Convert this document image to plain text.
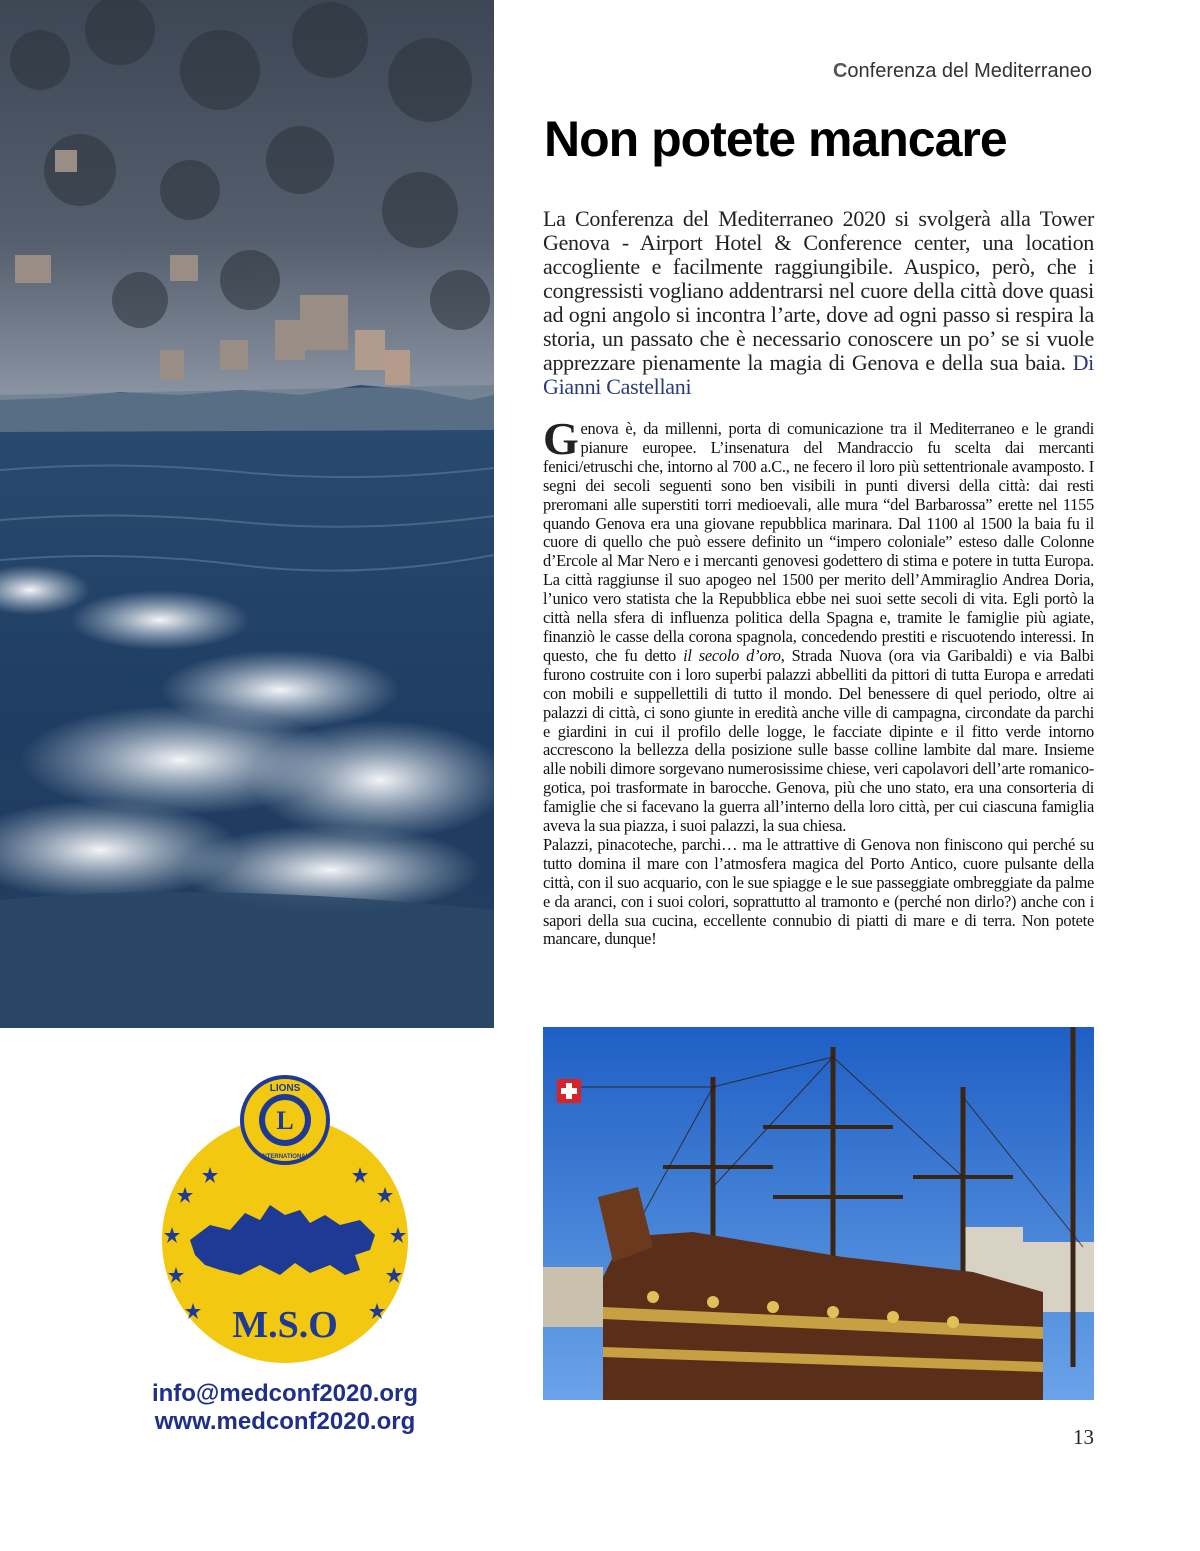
Conferenza del Mediterraneo
Non potete mancare
La Conferenza del Mediterraneo 2020 si svolgerà alla Tower Genova - Airport Hotel & Conference center, una location accogliente e facilmente raggiungibile. Auspico, però, che i congressisti vogliano addentrarsi nel cuore della città dove quasi ad ogni angolo si incontra l’arte, dove ad ogni passo si respira la storia, un passato che è necessario conoscere un po’ se si vuole apprezzare pienamente la magia di Genova e della sua baia. Di Gianni Castellani

Genova è, da millenni, porta di comunicazione tra il Mediterraneo e le grandi pianure europee. L’insenatura del Mandraccio fu scelta dai mercanti fenici/etruschi che, intorno al 700 a.C., ne fecero il loro più settentrionale avamposto. I segni dei secoli seguenti sono ben visibili in punti diversi della città: dai resti preromani alle superstiti torri medioevali, alle mura “del Barbarossa” erette nel 1155 quando Genova era una giovane repubblica marinara. Dal 1100 al 1500 la baia fu il cuore di quello che può essere definito un “impero coloniale” esteso dalle Colonne d’Ercole al Mar Nero e i mercanti genovesi godettero di stima e potere in tutta Europa. La città raggiunse il suo apogeo nel 1500 per merito dell’Ammiraglio Andrea Doria, l’unico vero statista che la Repubblica ebbe nei suoi sette secoli di vita. Egli portò la città nella sfera di influenza politica della Spagna e, tramite le famiglie più agiate, finanziò le casse della corona spagnola, concedendo prestiti e riscuotendo interessi. In questo, che fu detto il secolo d’oro, Strada Nuova (ora via Garibaldi) e via Balbi furono costruite con i loro superbi palazzi abbelliti da pittori di tutta Europa e arredati con mobili e suppellettili di tutto il mondo. Del benessere di quel periodo, oltre ai palazzi di città, ci sono giunte in eredità anche ville di campagna, circondate da parchi e giardini in cui il profilo delle logge, le facciate dipinte e il fitto verde intorno accrescono la bellezza della posizione sulle basse colline lambite dal mare. Insieme alle nobili dimore sorgevano numerosissime chiese, veri capolavori dell’arte romanico-gotica, poi trasformate in barocche. Genova, più che uno stato, era una consorteria di famiglie che si facevano la guerra all’interno della loro città, per cui ciascuna famiglia aveva la sua piazza, i suoi palazzi, la sua chiesa.

Palazzi, pinacoteche, parchi… ma le attrattive di Genova non finiscono qui perché su tutto domina il mare con l’atmosfera magica del Porto Antico, cuore pulsante della città, con il suo acquario, con le sue spiagge e le sue passeggiate ombreggiate da palme e da aranci, con i suoi colori, soprattutto al tramonto e (perché non dirlo?) anche con i sapori della sua cucina, eccellente connubio di piatti di mare e di terra. Non potete mancare, dunque!

LIONS
INTERNATIONAL
L
M.S.O
info@medconf2020.org
www.medconf2020.org
13
